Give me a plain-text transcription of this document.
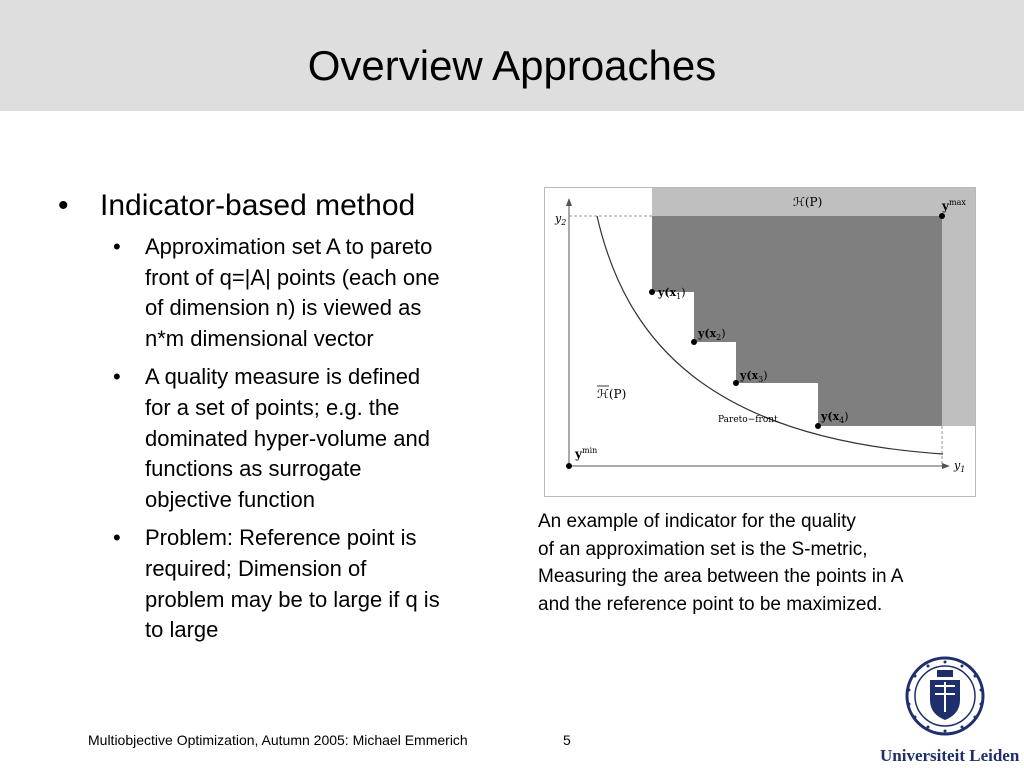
Overview Approaches
• Indicator-based method
• Approximation set A to pareto
front of q=|A| points (each one
of dimension n) is viewed as
n*m dimensional vector
• A quality measure is defined
for a set of points; e.g. the
dominated hyper-volume and
functions as surrogate
objective function
• Problem: Reference point is
required; Dimension of
problem may be to large if q is
to large
$y_2$
$y_1$
$y^{max}$
$y^{min}$
ℋ(P)
ℋ(P)
Pareto−front
$y(x_1)$
$y(x_2)$
$y(x_3)$
$y(x_4)$
An example of indicator for the quality
of an approximation set is the S-metric,
Measuring the area between the points in A
and the reference point to be maximized.
Multiobjective Optimization, Autumn 2005: Michael Emmerich	5
Universiteit Leiden
